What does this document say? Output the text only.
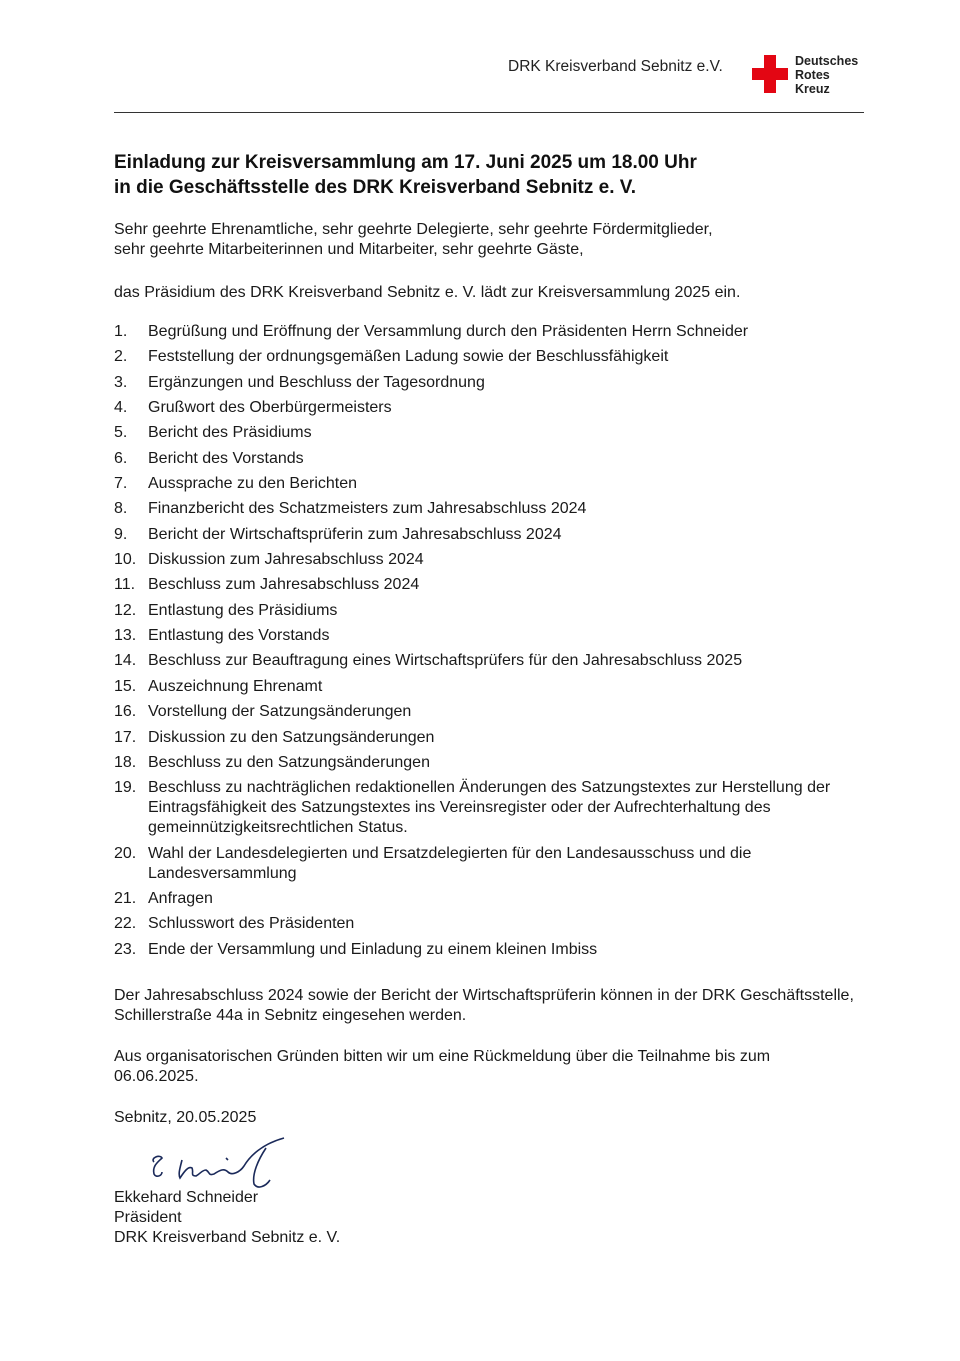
DRK Kreisverband Sebnitz e.V.	Deutsches
Rotes
Kreuz
Einladung zur Kreisversammlung am 17. Juni 2025 um 18.00 Uhr
in die Geschäftsstelle des DRK Kreisverband Sebnitz e. V.
Sehr geehrte Ehrenamtliche, sehr geehrte Delegierte, sehr geehrte Fördermitglieder,
sehr geehrte Mitarbeiterinnen und Mitarbeiter, sehr geehrte Gäste,
das Präsidium des DRK Kreisverband Sebnitz e. V. lädt zur Kreisversammlung 2025 ein.
1.	Begrüßung und Eröffnung der Versammlung durch den Präsidenten Herrn Schneider
2.	Feststellung der ordnungsgemäßen Ladung sowie der Beschlussfähigkeit
3.	Ergänzungen und Beschluss der Tagesordnung
4.	Grußwort des Oberbürgermeisters
5.	Bericht des Präsidiums
6.	Bericht des Vorstands
7.	Aussprache zu den Berichten
8.	Finanzbericht des Schatzmeisters zum Jahresabschluss 2024
9.	Bericht der Wirtschaftsprüferin zum Jahresabschluss 2024
10. Diskussion zum Jahresabschluss 2024
11. Beschluss zum Jahresabschluss 2024
12. Entlastung des Präsidiums
13. Entlastung des Vorstands
14. Beschluss zur Beauftragung eines Wirtschaftsprüfers für den Jahresabschluss 2025
15. Auszeichnung Ehrenamt
16. Vorstellung der Satzungsänderungen
17. Diskussion zu den Satzungsänderungen
18. Beschluss zu den Satzungsänderungen
19. Beschluss zu nachträglichen redaktionellen Änderungen des Satzungstextes zur Herstellung der Eintragsfähigkeit des Satzungstextes ins Vereinsregister oder der Aufrechterhaltung des gemeinnützigkeitsrechtlichen Status.
20. Wahl der Landesdelegierten und Ersatzdelegierten für den Landesausschuss und die Landesversammlung
21. Anfragen
22. Schlusswort des Präsidenten
23. Ende der Versammlung und Einladung zu einem kleinen Imbiss
Der Jahresabschluss 2024 sowie der Bericht der Wirtschaftsprüferin können in der DRK Geschäftsstelle, Schillerstraße 44a in Sebnitz eingesehen werden.
Aus organisatorischen Gründen bitten wir um eine Rückmeldung über die Teilnahme bis zum 06.06.2025.
Sebnitz, 20.05.2025
Ekkehard Schneider
Präsident
DRK Kreisverband Sebnitz e. V.
